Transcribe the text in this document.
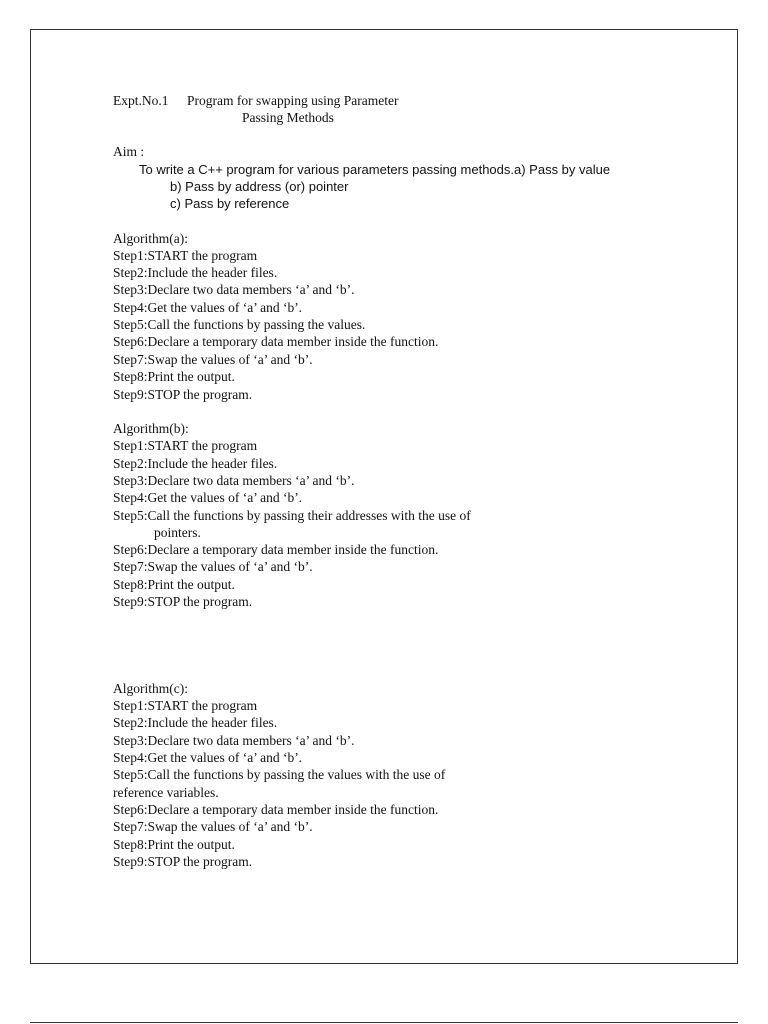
Expt.No.1 Program for swapping using Parameter
Passing Methods
Aim :
To write a C++ program for various parameters passing methods.a) Pass by value
b) Pass by address (or) pointer
c) Pass by reference
Algorithm(a):
Step1:START the program
Step2:Include the header files.
Step3:Declare two data members ‘a’ and ‘b’.
Step4:Get the values of ‘a’ and ‘b’.
Step5:Call the functions by passing the values.
Step6:Declare a temporary data member inside the function.
Step7:Swap the values of ‘a’ and ‘b’.
Step8:Print the output.
Step9:STOP the program.
Algorithm(b):
Step1:START the program
Step2:Include the header files.
Step3:Declare two data members ‘a’ and ‘b’.
Step4:Get the values of ‘a’ and ‘b’.
Step5:Call the functions by passing their addresses with the use of
pointers.
Step6:Declare a temporary data member inside the function.
Step7:Swap the values of ‘a’ and ‘b’.
Step8:Print the output.
Step9:STOP the program.
Algorithm(c):
Step1:START the program
Step2:Include the header files.
Step3:Declare two data members ‘a’ and ‘b’.
Step4:Get the values of ‘a’ and ‘b’.
Step5:Call the functions by passing the values with the use of
reference variables.
Step6:Declare a temporary data member inside the function.
Step7:Swap the values of ‘a’ and ‘b’.
Step8:Print the output.
Step9:STOP the program.
